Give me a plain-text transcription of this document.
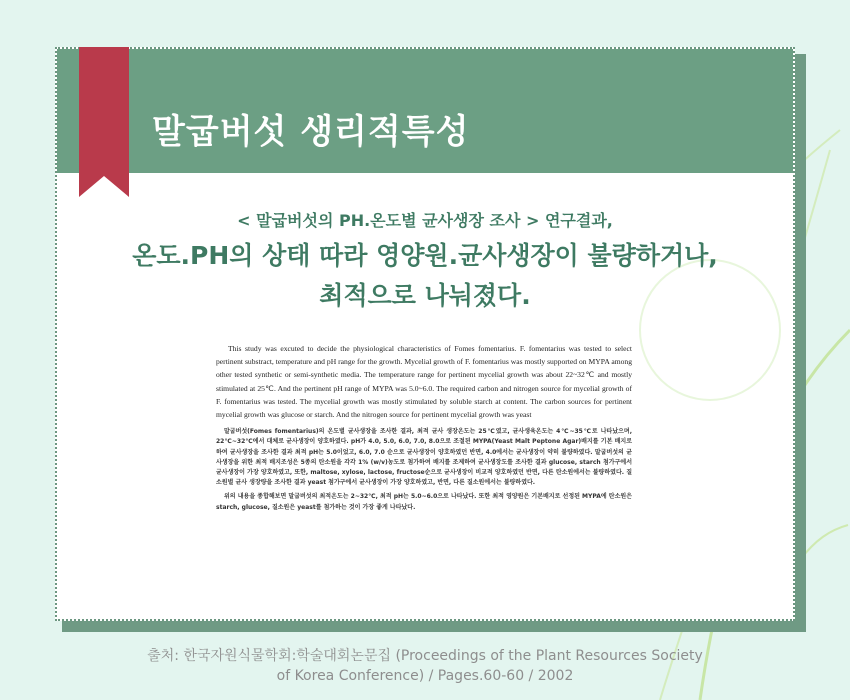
말굽버섯 생리적특성
< 말굽버섯의 PH.온도별 균사생장 조사 > 연구결과,
온도.PH의 상태 따라 영양원.균사생장이 불량하거나,
최적으로 나눠졌다.

This study was excuted to decide the physiological characteristics of Fomes fomentarius. F. fomentarius was tested to select pertinent substract, temperature and pH range for the growth. Mycelial growth of F. fomentarius was mostly supported on MYPA among other tested synthetic or semi-synthetic media. The temperature range for pertinent mycelial growth was about 22~32℃ and mostly stimulated at 25℃. And the pertinent pH range of MYPA was 5.0~6.0. The required carbon and nitrogen source for mycelial growth of F. fomentarius was tested. The mycelial growth was mostly stimulated by soluble starch at content. The carbon sources for pertinent mycelial growth was glucose or starch. And the nitrogen source for pertinent mycelial growth was yeast

말굽버섯(Fomes fomentarius)의 온도별 균사생장을 조사한 결과, 최적 균사 생장온도는 25℃였고, 균사생육온도는 4℃~35℃로 나타났으며, 22℃~32℃에서 대체로 균사생장이 양호하였다. pH가 4.0, 5.0, 6.0, 7.0, 8.0으로 조절된 MYPA(Yeast Malt Peptone Agar)배지를 기본 배지로하여 균사생장을 조사한 결과 최적 pH는 5.0이었고, 6.0, 7.0 순으로 균사생장이 양호하였던 반면, 4.0에서는 균사생장이 약히 불량하였다. 말굽버섯의 균사생장을 위한 최적 배지조성은 5종의 탄소원을 각각 1% (w/v)농도로 첨가하여 배지를 조제하여 균사생장도를 조사한 결과 glucose, starch 첨가구에서 균사생장이 가장 양호하였고, 또한, maltose, xylose, lactose, fructose순으로 균사생장이 비교적 양호하였던 반면, 다른 탄소원에서는 불량하였다. 질소원별 균사 생장량을 조사한 결과 yeast 첨가구에서 균사생장이 가장 양호하였고, 반면, 다른 질소원에서는 불량하였다.

위의 내용을 종합해보면 말굽버섯의 최적온도는 2~32℃, 최적 pH는 5.0~6.0으로 나타났다. 또한 최적 영양원은 기본배지로 선정된 MYPA에 탄소원은 starch, glucose, 질소원은 yeast를 첨가하는 것이 가장 좋게 나타났다.

출처: 한국자원식물학회:학술대회논문집 (Proceedings of the Plant Resources Society
of Korea Conference) / Pages.60-60 / 2002
